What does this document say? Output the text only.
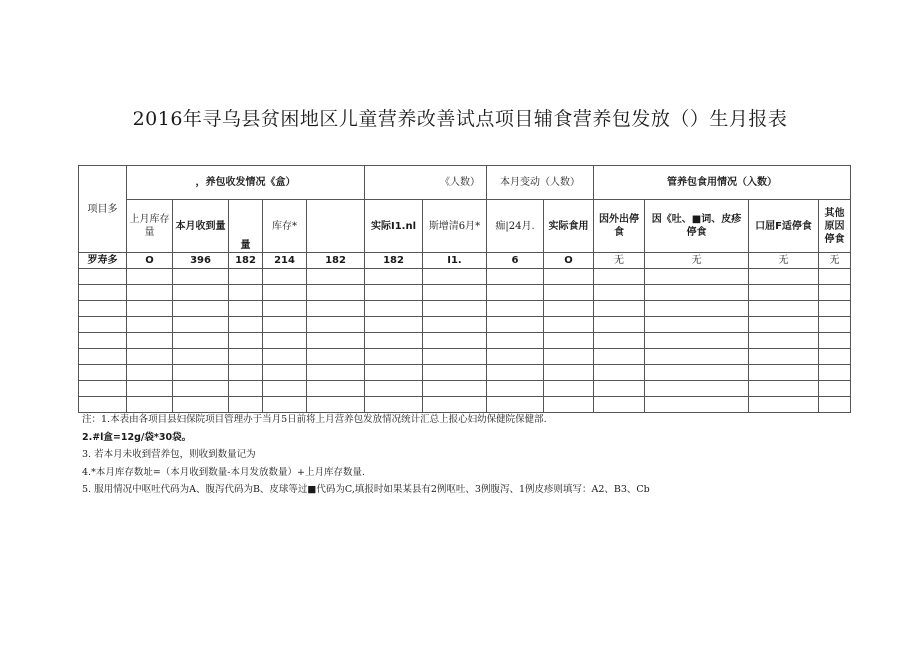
2016年寻乌县贫困地区儿童营养改善试点项目辅食营养包发放（）生月报表
项目多	，养包收发情况《盒）					《人数）		本月变动（人数）		管养包食用情况（入数）			
	上月库存量	本月收到量	量	库存*		实际I1.nl	斯增清6月*	痂|24月.	实际食用	因外出停食	因《吐、■词、皮疹停食	口屈F适停食	其他原因停食
罗寿多	O	396	182	214	182	182	I1.	6	O	无	无	无	无

注：1.本表由各项目县妇保院项目管理办于当月5日前将上月营养包发放情况统计汇总上报心妇幼保健院保健部.
2.#l盒=12g/袋*30袋。
3. 若本月未收到营养包，则收到数量记为
4.*本月库存数址=（本月收到数量-本月发放数量）+上月库存数量.
5. 服用情况中呕吐代码为A、腹泻代码为B、皮球等过■代码为C,填报时如果某县有2例呕吐、3例腹泻、1例皮疹则填写：A2、B3、Cb
